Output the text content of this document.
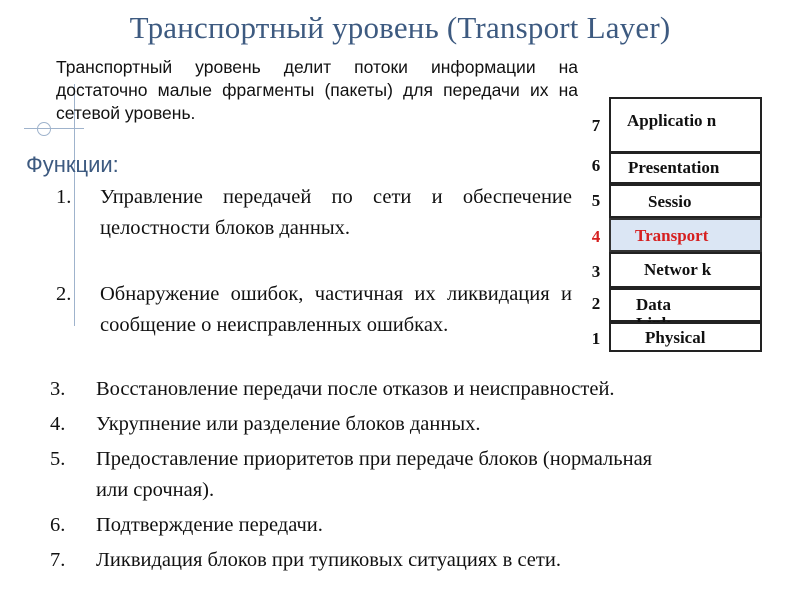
Транспортный уровень (Transport Layer)
Транспортный уровень делит потоки информации на достаточно малые фрагменты (пакеты) для передачи их на сетевой уровень.
Функции:
1. Управление передачей по сети и обеспечение целостности блоков данных.
2. Обнаружение ошибок, частичная их ликвидация и сообщение о неисправленных ошибках.
3. Восстановление передачи после отказов и неисправностей.
4. Укрупнение или разделение блоков данных.
5. Предоставление приоритетов при передаче блоков (нормальная или срочная).
6. Подтверждение передачи.
7. Ликвидация блоков при тупиковых ситуациях в сети.
7 Applicatio n
6 Presentation
5	Sessio
4 Transport
3	Networ k
2 Data
1	Physical
